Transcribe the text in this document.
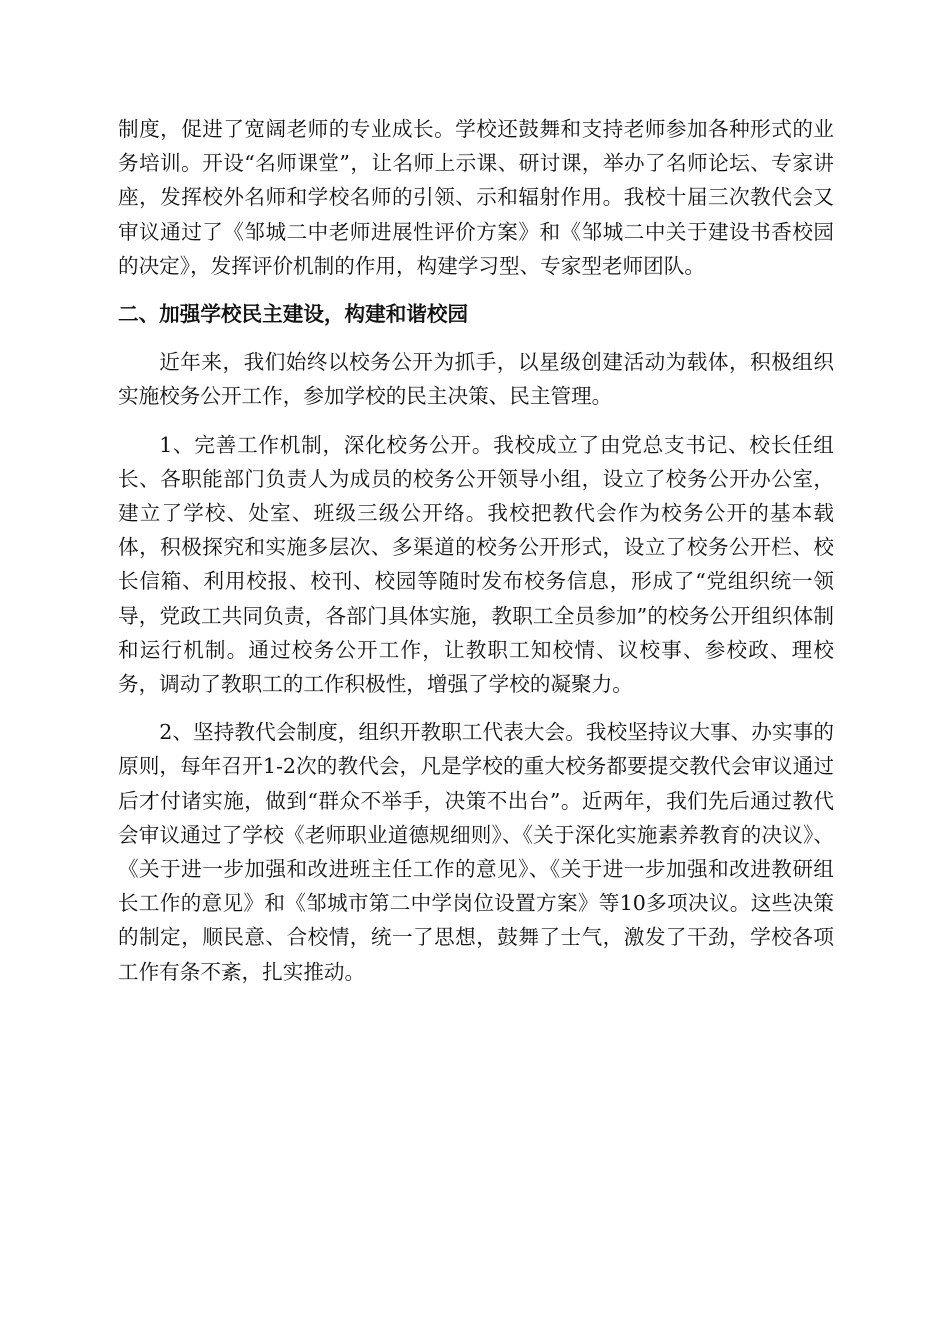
制度，促进了宽阔老师的专业成长。学校还鼓舞和支持老师参加各种形式的业务培训。开设“名师课堂”，让名师上示课、研讨课，举办了名师论坛、专家讲座，发挥校外名师和学校名师的引领、示和辐射作用。我校十届三次教代会又审议通过了《邹城二中老师进展性评价方案》和《邹城二中关于建设书香校园的决定》，发挥评价机制的作用，构建学习型、专家型老师团队。

二、加强学校民主建设，构建和谐校园

近年来，我们始终以校务公开为抓手，以星级创建活动为载体，积极组织实施校务公开工作，参加学校的民主决策、民主管理。

1、完善工作机制，深化校务公开。我校成立了由党总支书记、校长任组长、各职能部门负责人为成员的校务公开领导小组，设立了校务公开办公室，建立了学校、处室、班级三级公开络。我校把教代会作为校务公开的基本载体，积极探究和实施多层次、多渠道的校务公开形式，设立了校务公开栏、校长信箱、利用校报、校刊、校园等随时发布校务信息，形成了“党组织统一领导，党政工共同负责，各部门具体实施，教职工全员参加”的校务公开组织体制和运行机制。通过校务公开工作，让教职工知校情、议校事、参校政、理校务，调动了教职工的工作积极性，增强了学校的凝聚力。

2、坚持教代会制度，组织开教职工代表大会。我校坚持议大事、办实事的原则，每年召开1-2次的教代会，凡是学校的重大校务都要提交教代会审议通过后才付诸实施，做到“群众不举手，决策不出台”。近两年，我们先后通过教代会审议通过了学校《老师职业道德规细则》、《关于深化实施素养教育的决议》、《关于进一步加强和改进班主任工作的意见》、《关于进一步加强和改进教研组长工作的意见》和《邹城市第二中学岗位设置方案》等10多项决议。这些决策的制定，顺民意、合校情，统一了思想，鼓舞了士气，激发了干劲，学校各项工作有条不紊，扎实推动。
